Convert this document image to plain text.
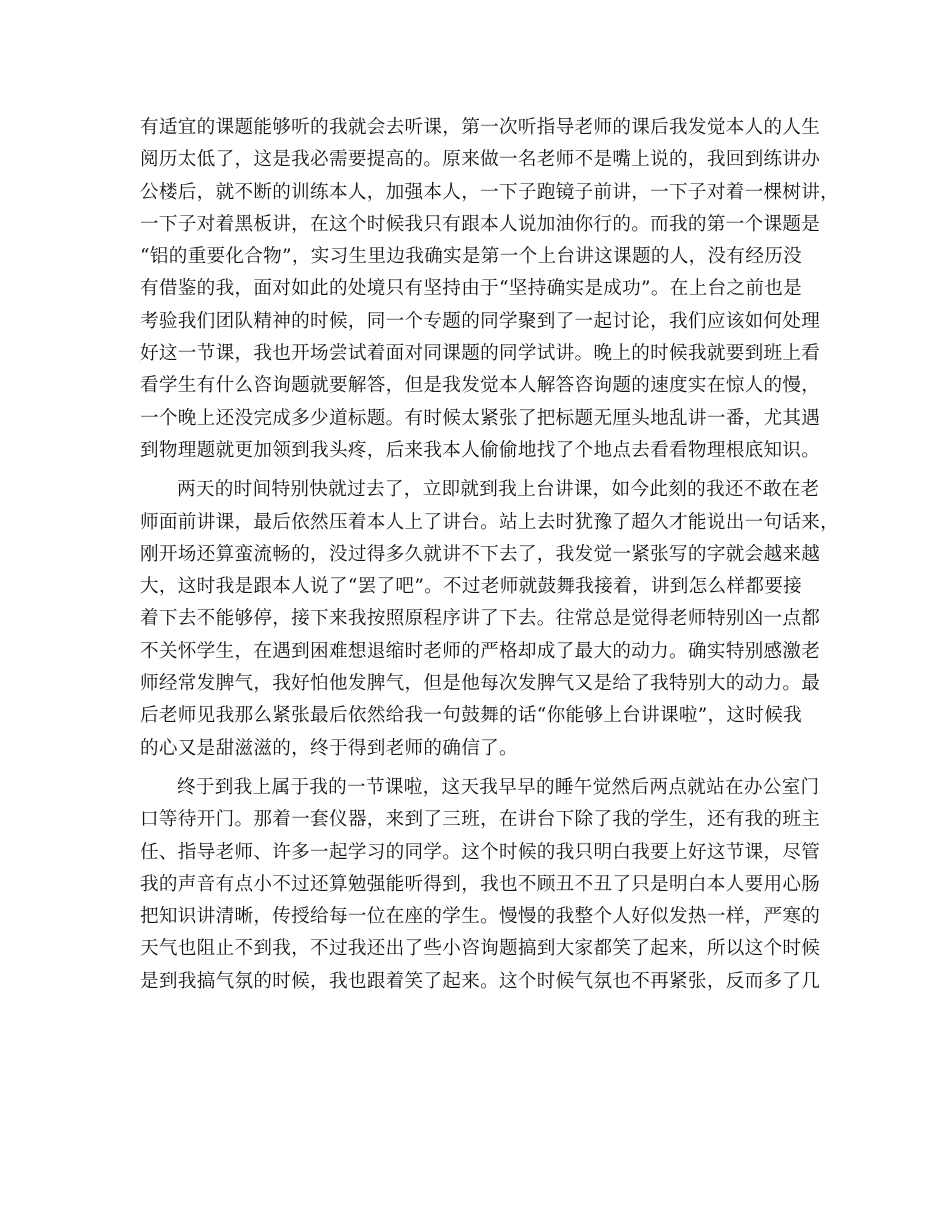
有适宜的课题能够听的我就会去听课，第一次听指导老师的课后我发觉本人的人生
阅历太低了，这是我必需要提高的。原来做一名老师不是嘴上说的，我回到练讲办
公楼后，就不断的训练本人，加强本人，一下子跑镜子前讲，一下子对着一棵树讲，
一下子对着黑板讲，在这个时候我只有跟本人说加油你行的。而我的第一个课题是
“铝的重要化合物”，实习生里边我确实是第一个上台讲这课题的人，没有经历没
有借鉴的我，面对如此的处境只有坚持由于“坚持确实是成功”。在上台之前也是
考验我们团队精神的时候，同一个专题的同学聚到了一起讨论，我们应该如何处理
好这一节课，我也开场尝试着面对同课题的同学试讲。晚上的时候我就要到班上看
看学生有什么咨询题就要解答，但是我发觉本人解答咨询题的速度实在惊人的慢，
一个晚上还没完成多少道标题。有时候太紧张了把标题无厘头地乱讲一番，尤其遇
到物理题就更加领到我头疼，后来我本人偷偷地找了个地点去看看物理根底知识。
两天的时间特别快就过去了，立即就到我上台讲课，如今此刻的我还不敢在老
师面前讲课，最后依然压着本人上了讲台。站上去时犹豫了超久才能说出一句话来，
刚开场还算蛮流畅的，没过得多久就讲不下去了，我发觉一紧张写的字就会越来越
大，这时我是跟本人说了“罢了吧”。不过老师就鼓舞我接着，讲到怎么样都要接
着下去不能够停，接下来我按照原程序讲了下去。往常总是觉得老师特别凶一点都
不关怀学生，在遇到困难想退缩时老师的严格却成了最大的动力。确实特别感激老
师经常发脾气，我好怕他发脾气，但是他每次发脾气又是给了我特别大的动力。最
后老师见我那么紧张最后依然给我一句鼓舞的话“你能够上台讲课啦”，这时候我
的心又是甜滋滋的，终于得到老师的确信了。
终于到我上属于我的一节课啦，这天我早早的睡午觉然后两点就站在办公室门
口等待开门。那着一套仪器，来到了三班，在讲台下除了我的学生，还有我的班主
任、指导老师、许多一起学习的同学。这个时候的我只明白我要上好这节课，尽管
我的声音有点小不过还算勉强能听得到，我也不顾丑不丑了只是明白本人要用心肠
把知识讲清晰，传授给每一位在座的学生。慢慢的我整个人好似发热一样，严寒的
天气也阻止不到我，不过我还出了些小咨询题搞到大家都笑了起来，所以这个时候
是到我搞气氛的时候，我也跟着笑了起来。这个时候气氛也不再紧张，反而多了几
